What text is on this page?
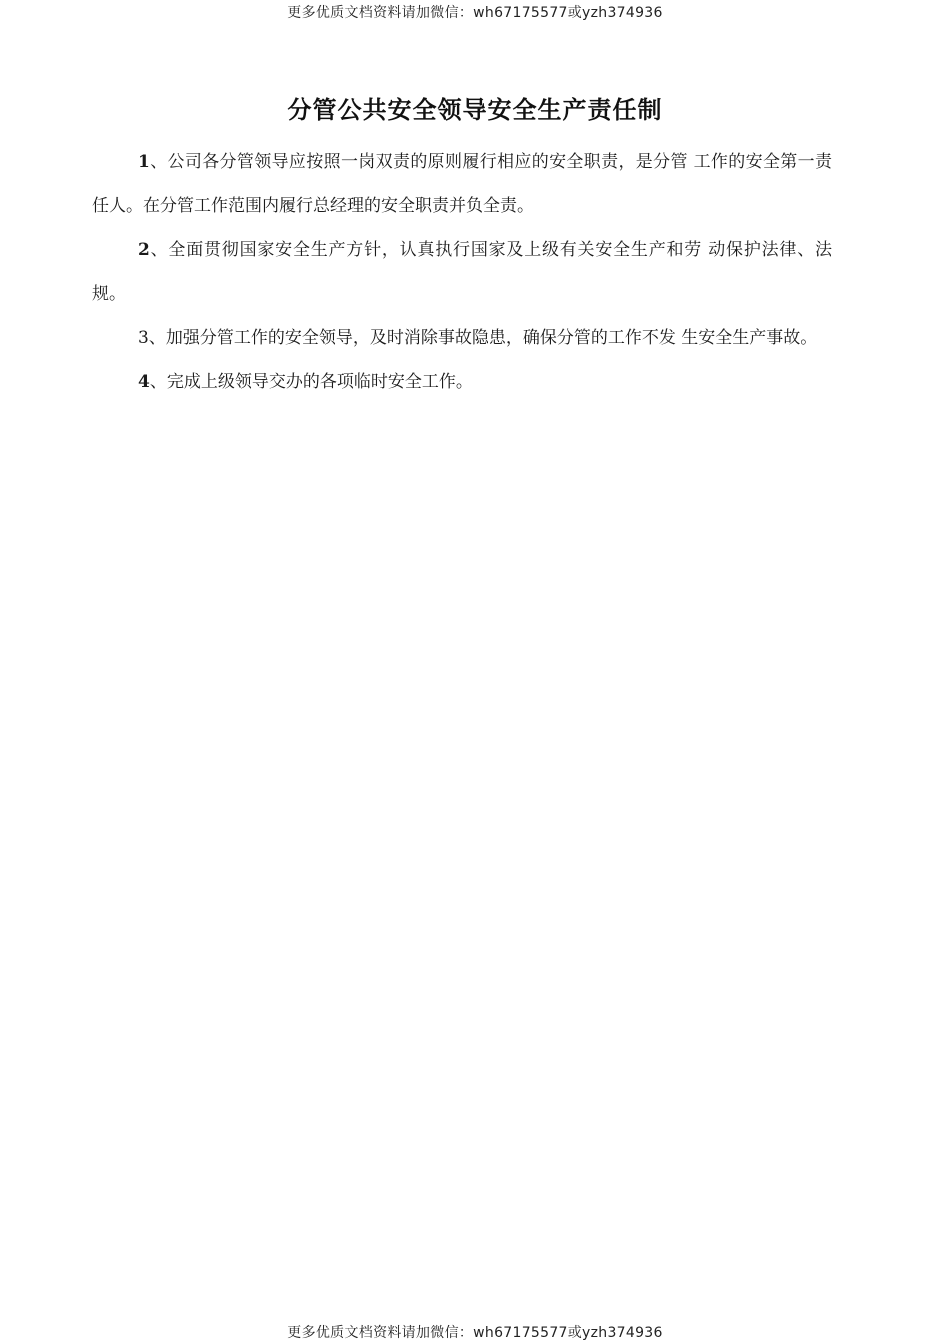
更多优质文档资料请加微信：wh67175577或yzh374936
分管公共安全领导安全生产责任制

1、公司各分管领导应按照一岗双责的原则履行相应的安全职责，是分管 工作的安全第一责任人。在分管工作范围内履行总经理的安全职责并负全责。

2、全面贯彻国家安全生产方针，认真执行国家及上级有关安全生产和劳 动保护法律、法规。

3、加强分管工作的安全领导，及时消除事故隐患，确保分管的工作不发 生安全生产事故。

4、完成上级领导交办的各项临时安全工作。

更多优质文档资料请加微信：wh67175577或yzh374936
